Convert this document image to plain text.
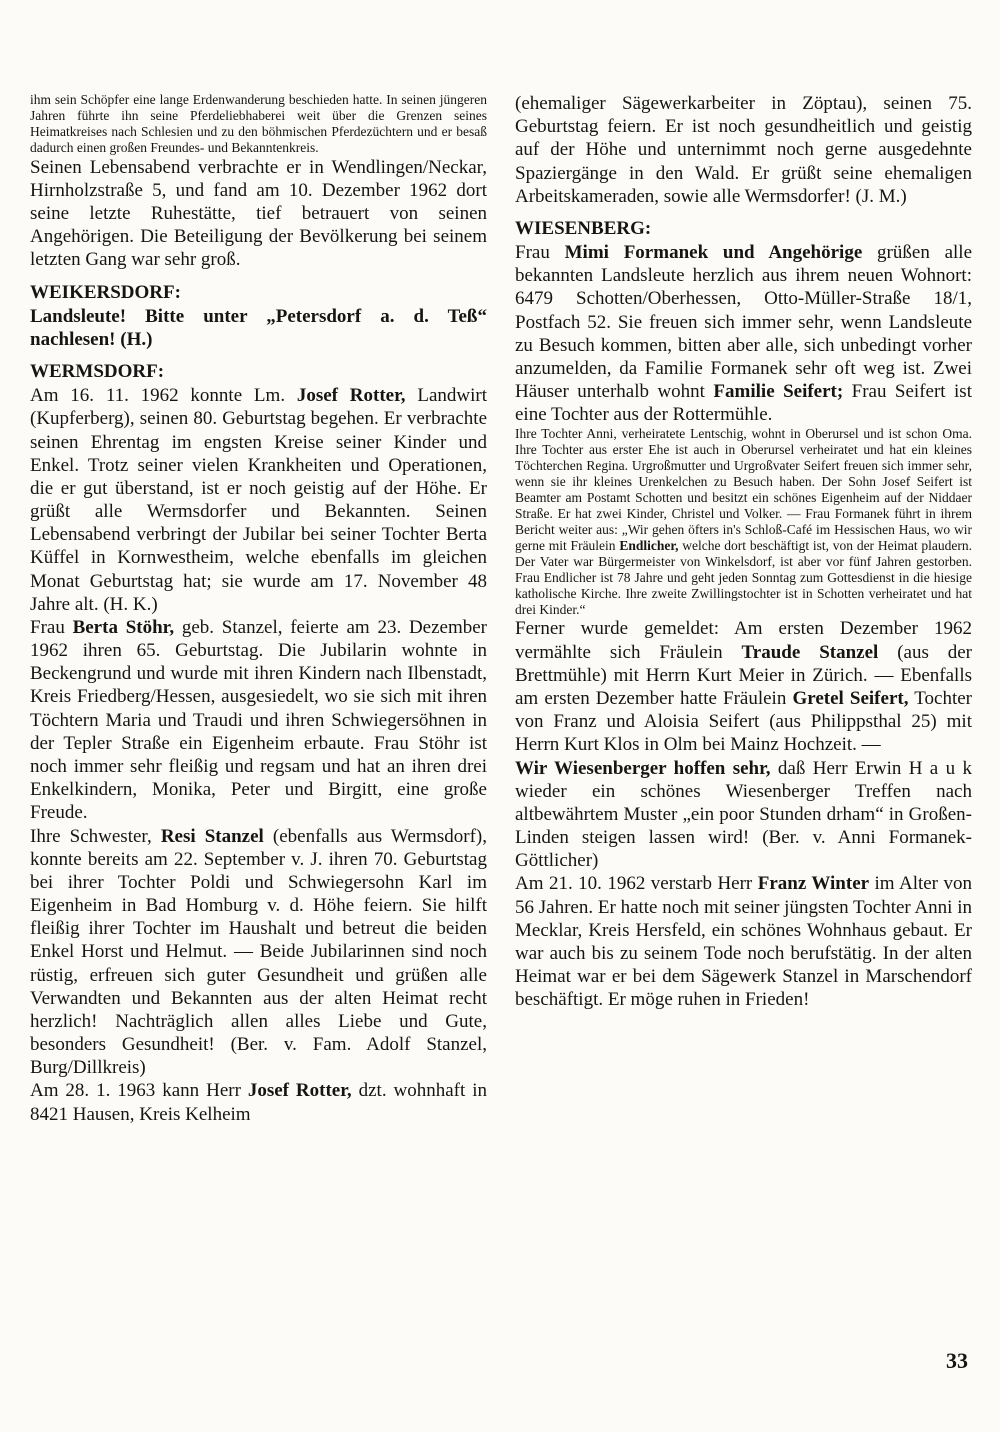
ihm sein Schöpfer eine lange Erdenwanderung beschieden hatte. In seinen jüngeren Jahren führte ihn seine Pferdeliebhaberei weit über die Grenzen seines Heimatkreises nach Schlesien und zu den böhmischen Pferdezüchtern und er besaß dadurch einen großen Freundes- und Bekanntenkreis.

Seinen Lebensabend verbrachte er in Wendlingen/Neckar, Hirnholzstraße 5, und fand am 10. Dezember 1962 dort seine letzte Ruhestätte, tief betrauert von seinen Angehörigen. Die Beteiligung der Bevölkerung bei seinem letzten Gang war sehr groß.

WEIKERSDORF:

Landsleute! Bitte unter „Petersdorf a. d. Teß“ nachlesen! (H.)

WERMSDORF:

Am 16. 11. 1962 konnte Lm. Josef Rotter, Landwirt (Kupferberg), seinen 80. Geburtstag begehen. Er verbrachte seinen Ehrentag im engsten Kreise seiner Kinder und Enkel. Trotz seiner vielen Krankheiten und Operationen, die er gut überstand, ist er noch geistig auf der Höhe. Er grüßt alle Wermsdorfer und Bekannten. Seinen Lebensabend verbringt der Jubilar bei seiner Tochter Berta Küffel in Kornwestheim, welche ebenfalls im gleichen Monat Geburtstag hat; sie wurde am 17. November 48 Jahre alt. (H. K.)

Frau Berta Stöhr, geb. Stanzel, feierte am 23. Dezember 1962 ihren 65. Geburtstag. Die Jubilarin wohnte in Beckengrund und wurde mit ihren Kindern nach Ilbenstadt, Kreis Friedberg/Hessen, ausgesiedelt, wo sie sich mit ihren Töchtern Maria und Traudi und ihren Schwiegersöhnen in der Tepler Straße ein Eigenheim erbaute. Frau Stöhr ist noch immer sehr fleißig und regsam und hat an ihren drei Enkelkindern, Monika, Peter und Birgitt, eine große Freude.

Ihre Schwester, Resi Stanzel (ebenfalls aus Wermsdorf), konnte bereits am 22. September v. J. ihren 70. Geburtstag bei ihrer Tochter Poldi und Schwiegersohn Karl im Eigenheim in Bad Homburg v. d. Höhe feiern. Sie hilft fleißig ihrer Tochter im Haushalt und betreut die beiden Enkel Horst und Helmut. — Beide Jubilarinnen sind noch rüstig, erfreuen sich guter Gesundheit und grüßen alle Verwandten und Bekannten aus der alten Heimat recht herzlich! Nachträglich allen alles Liebe und Gute, besonders Gesundheit! (Ber. v. Fam. Adolf Stanzel, Burg/Dillkreis)

Am 28. 1. 1963 kann Herr Josef Rotter, dzt. wohnhaft in 8421 Hausen, Kreis Kelheim

(ehemaliger Sägewerkarbeiter in Zöptau), seinen 75. Geburtstag feiern. Er ist noch gesundheitlich und geistig auf der Höhe und unternimmt noch gerne ausgedehnte Spaziergänge in den Wald. Er grüßt seine ehemaligen Arbeitskameraden, sowie alle Wermsdorfer! (J. M.)

WIESENBERG:

Frau Mimi Formanek und Angehörige grüßen alle bekannten Landsleute herzlich aus ihrem neuen Wohnort: 6479 Schotten/Oberhessen, Otto-Müller-Straße 18/1, Postfach 52. Sie freuen sich immer sehr, wenn Landsleute zu Besuch kommen, bitten aber alle, sich unbedingt vorher anzumelden, da Familie Formanek sehr oft weg ist. Zwei Häuser unterhalb wohnt Familie Seifert; Frau Seifert ist eine Tochter aus der Rottermühle.

Ihre Tochter Anni, verheiratete Lentschig, wohnt in Oberursel und ist schon Oma. Ihre Tochter aus erster Ehe ist auch in Oberursel verheiratet und hat ein kleines Töchterchen Regina. Urgroßmutter und Urgroßvater Seifert freuen sich immer sehr, wenn sie ihr kleines Urenkelchen zu Besuch haben. Der Sohn Josef Seifert ist Beamter am Postamt Schotten und besitzt ein schönes Eigenheim auf der Niddaer Straße. Er hat zwei Kinder, Christel und Volker. — Frau Formanek führt in ihrem Bericht weiter aus: „Wir gehen öfters in's Schloß-Café im Hessischen Haus, wo wir gerne mit Fräulein Endlicher, welche dort beschäftigt ist, von der Heimat plaudern. Der Vater war Bürgermeister von Winkelsdorf, ist aber vor fünf Jahren gestorben. Frau Endlicher ist 78 Jahre und geht jeden Sonntag zum Gottesdienst in die hiesige katholische Kirche. Ihre zweite Zwillingstochter ist in Schotten verheiratet und hat drei Kinder.“

Ferner wurde gemeldet: Am ersten Dezember 1962 vermählte sich Fräulein Traude Stanzel (aus der Brettmühle) mit Herrn Kurt Meier in Zürich. — Ebenfalls am ersten Dezember hatte Fräulein Gretel Seifert, Tochter von Franz und Aloisia Seifert (aus Philippsthal 25) mit Herrn Kurt Klos in Olm bei Mainz Hochzeit. —

Wir Wiesenberger hoffen sehr, daß Herr Erwin H a u k wieder ein schönes Wiesenberger Treffen nach altbewährtem Muster „ein poor Stunden drham“ in Großen-Linden steigen lassen wird! (Ber. v. Anni Formanek-Göttlicher)

Am 21. 10. 1962 verstarb Herr Franz Winter im Alter von 56 Jahren. Er hatte noch mit seiner jüngsten Tochter Anni in Mecklar, Kreis Hersfeld, ein schönes Wohnhaus gebaut. Er war auch bis zu seinem Tode noch berufstätig. In der alten Heimat war er bei dem Sägewerk Stanzel in Marschendorf beschäftigt. Er möge ruhen in Frieden!

33
